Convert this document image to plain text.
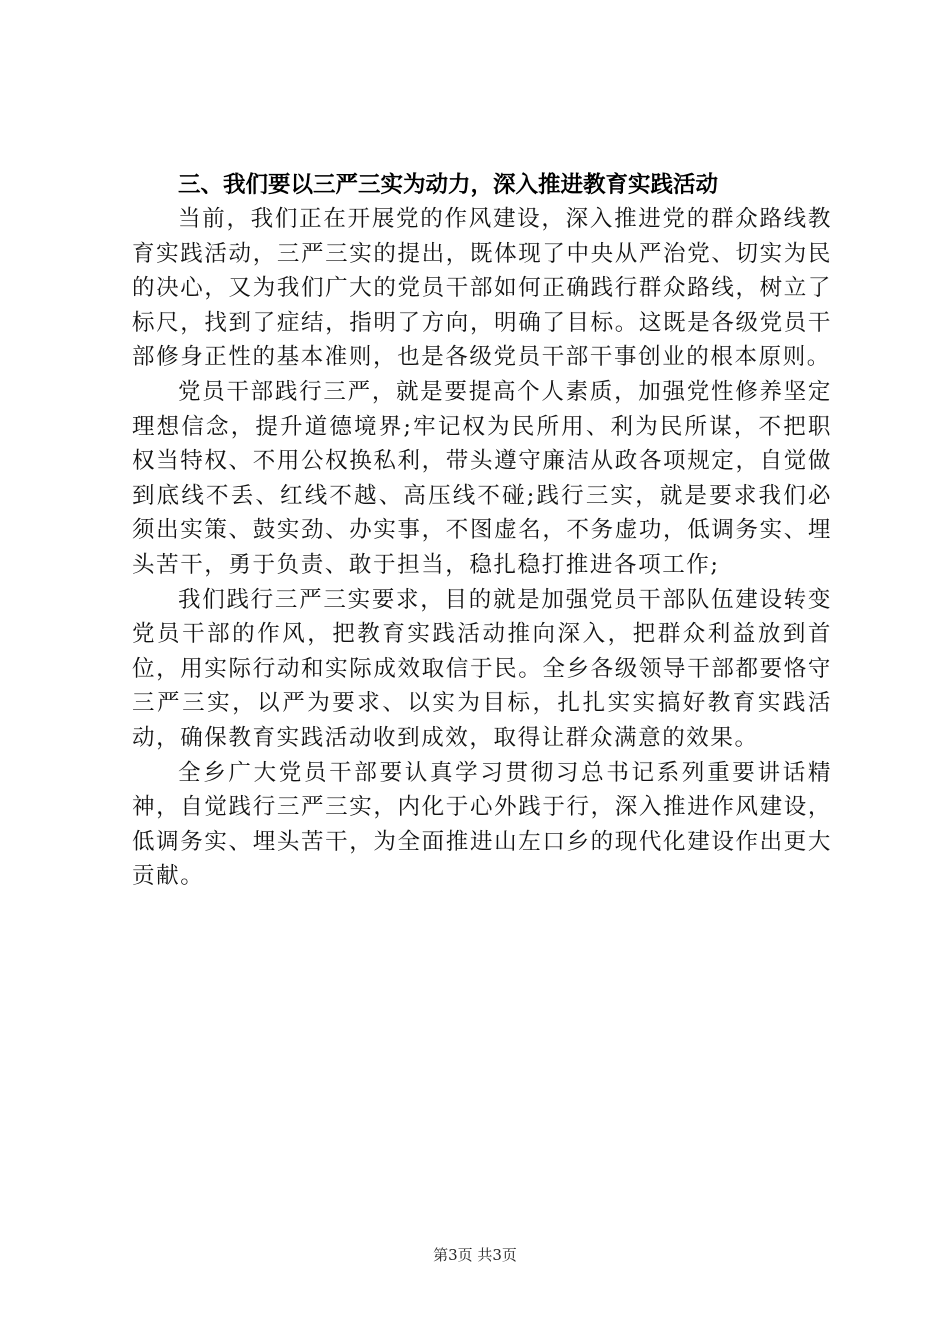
三、我们要以三严三实为动力，深入推进教育实践活动

当前，我们正在开展党的作风建设，深入推进党的群众路线教育实践活动，三严三实的提出，既体现了中央从严治党、切实为民的决心，又为我们广大的党员干部如何正确践行群众路线，树立了标尺，找到了症结，指明了方向，明确了目标。这既是各级党员干部修身正性的基本准则，也是各级党员干部干事创业的根本原则。

党员干部践行三严，就是要提高个人素质，加强党性修养坚定理想信念，提升道德境界;牢记权为民所用、利为民所谋，不把职权当特权、不用公权换私利，带头遵守廉洁从政各项规定，自觉做到底线不丢、红线不越、高压线不碰;践行三实，就是要求我们必须出实策、鼓实劲、办实事，不图虚名，不务虚功，低调务实、埋头苦干，勇于负责、敢于担当，稳扎稳打推进各项工作;

我们践行三严三实要求，目的就是加强党员干部队伍建设转变党员干部的作风，把教育实践活动推向深入，把群众利益放到首位，用实际行动和实际成效取信于民。全乡各级领导干部都要恪守三严三实，以严为要求、以实为目标，扎扎实实搞好教育实践活动，确保教育实践活动收到成效，取得让群众满意的效果。

全乡广大党员干部要认真学习贯彻习总书记系列重要讲话精神，自觉践行三严三实，内化于心外践于行，深入推进作风建设，低调务实、埋头苦干，为全面推进山左口乡的现代化建设作出更大贡献。

第3页 共3页
